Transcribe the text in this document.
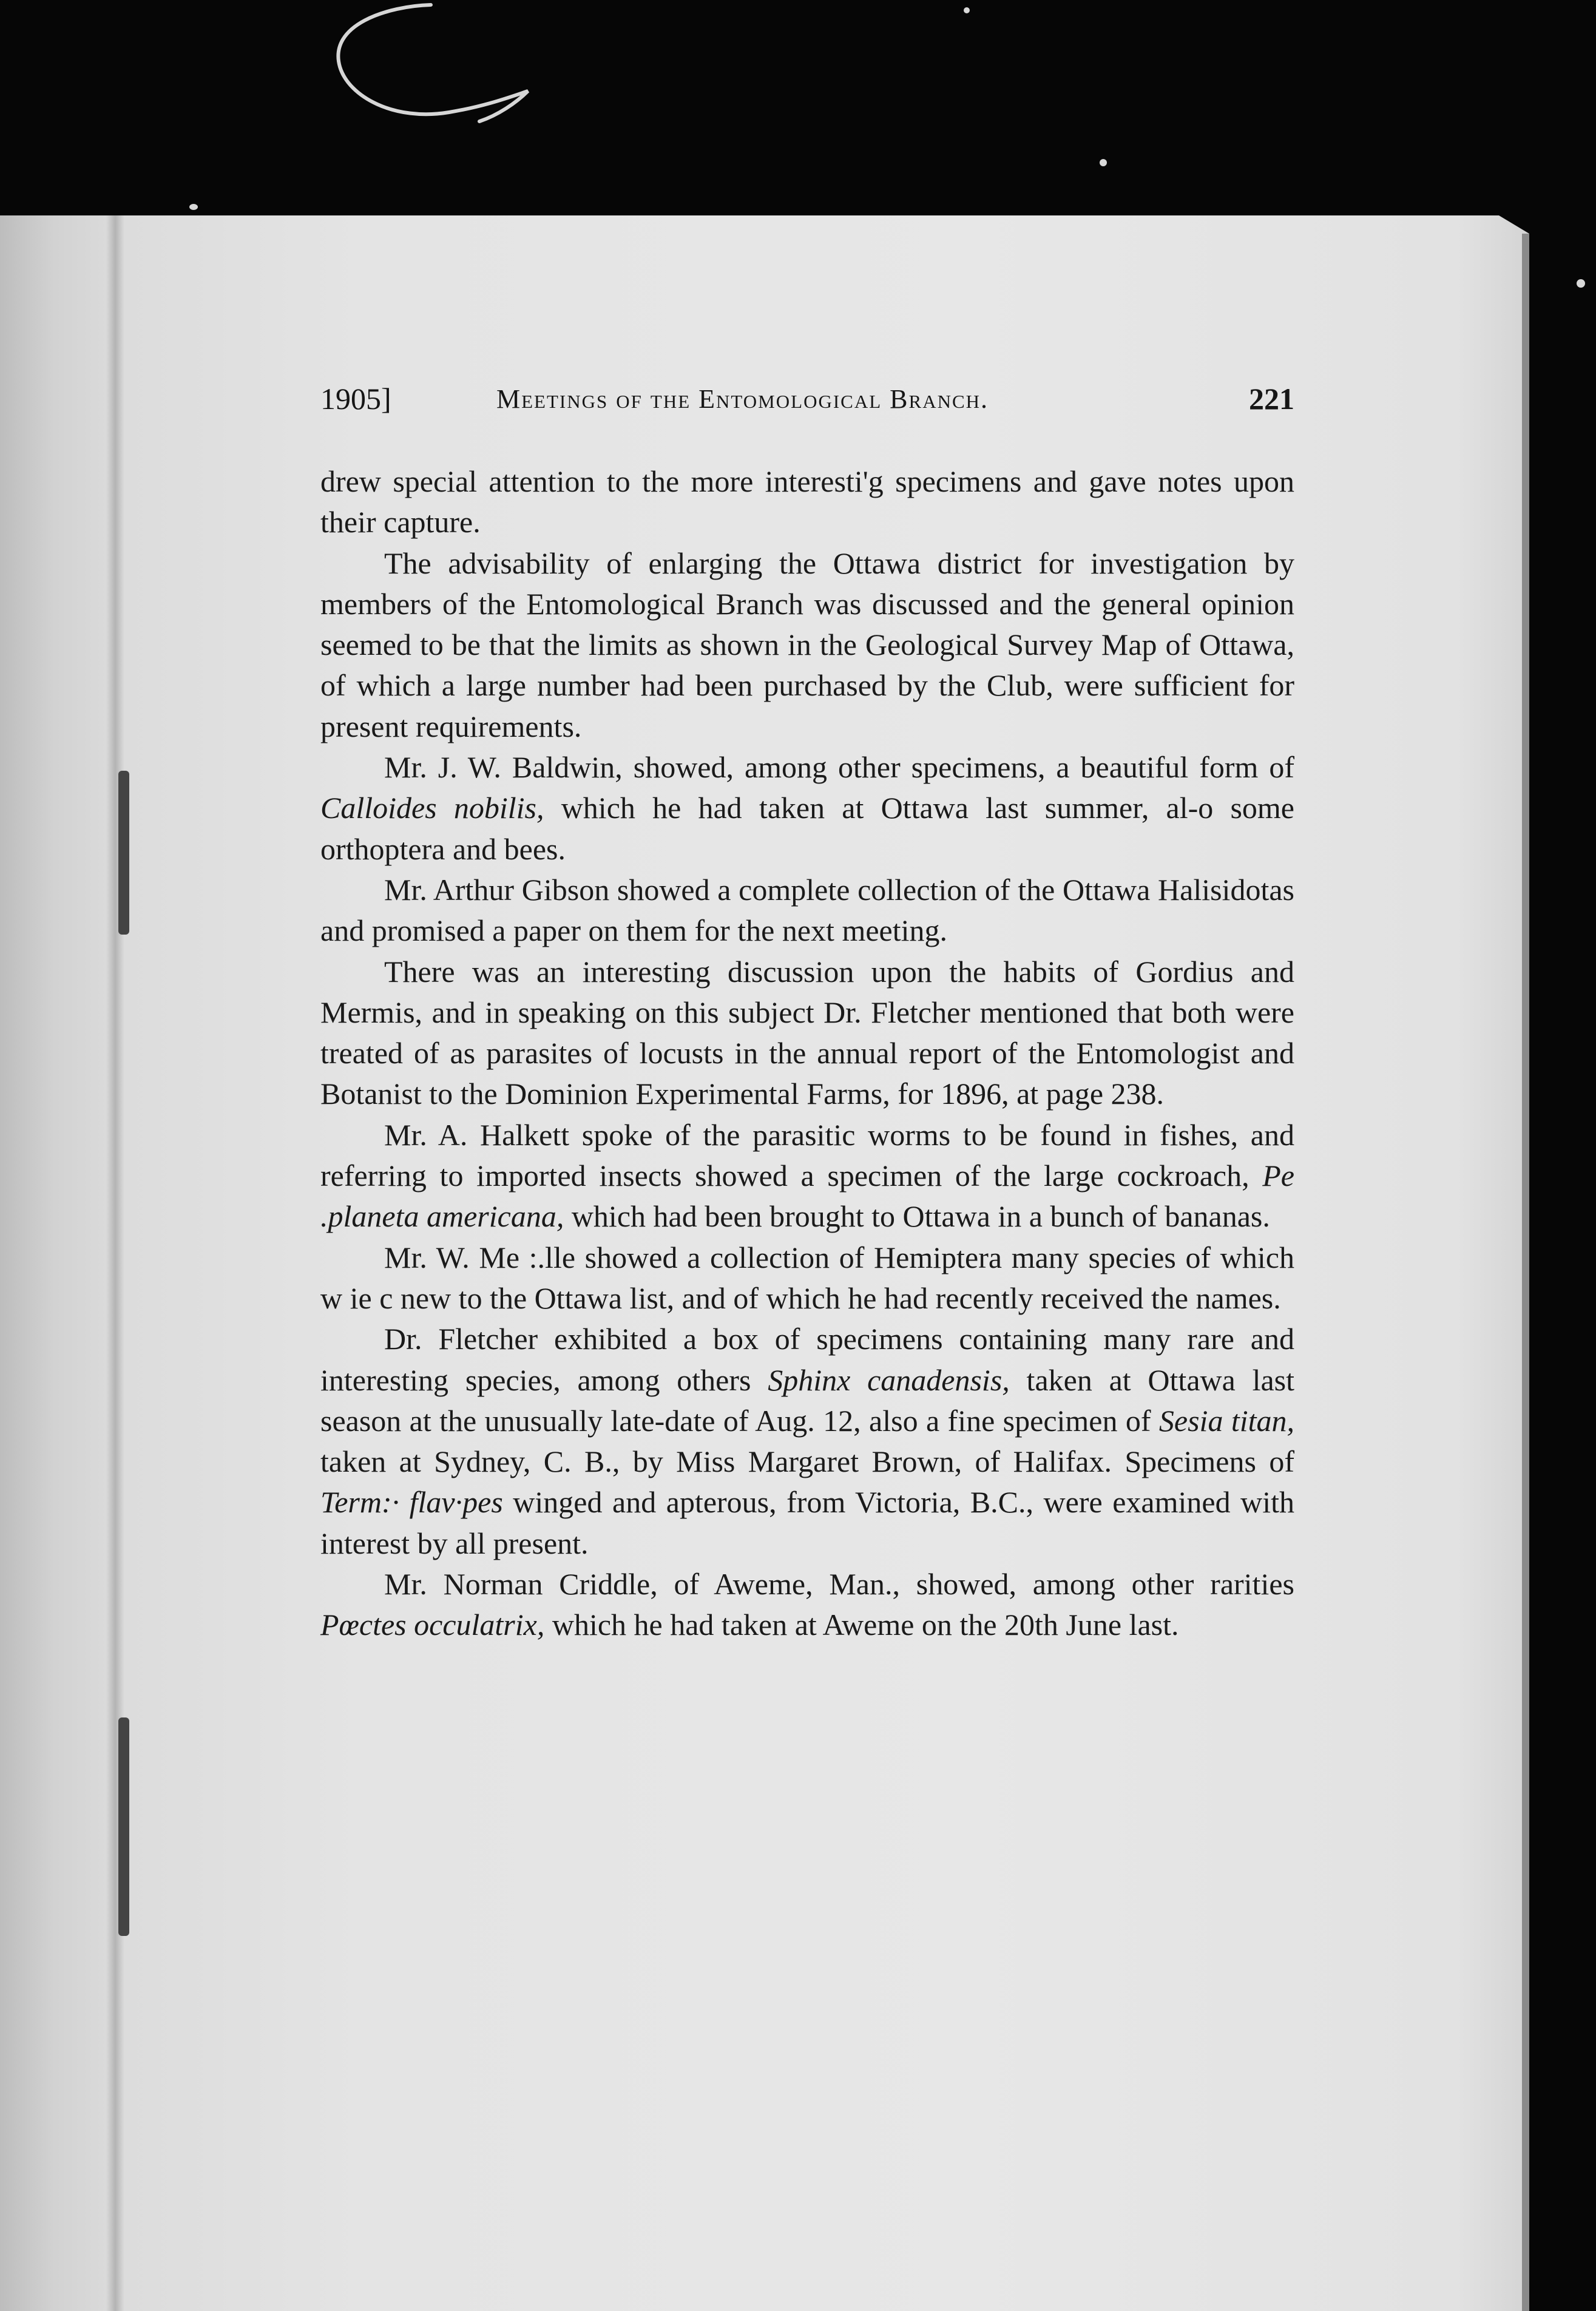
1905]	Meetings of the Entomological Branch.	221

drew special attention to the more interesti'g specimens and gave notes upon their capture.

The advisability of enlarging the Ottawa district for investigation by members of the Entomological Branch was discussed and the general opinion seemed to be that the limits as shown in the Geological Survey Map of Ottawa, of which a large number had been purchased by the Club, were sufficient for present requirements.

Mr. J. W. Baldwin, showed, among other specimens, a beautiful form of Calloides nobilis, which he had taken at Ottawa last summer, al-o some orthoptera and bees.

Mr. Arthur Gibson showed a complete collection of the Ottawa Halisidotas and promised a paper on them for the next meeting.

There was an interesting discussion upon the habits of Gordius and Mermis, and in speaking on this subject Dr. Fletcher mentioned that both were treated of as parasites of locusts in the annual report of the Entomologist and Botanist to the Dominion Experimental Farms, for 1896, at page 238.

Mr. A. Halkett spoke of the parasitic worms to be found in fishes, and referring to imported insects showed a specimen of the large cockroach, Pe .planeta americana, which had been brought to Ottawa in a bunch of bananas.

Mr. W. Me :.lle showed a collection of Hemiptera many species of which w ie c new to the Ottawa list, and of which he had recently received the names.

Dr. Fletcher exhibited a box of specimens containing many rare and interesting species, among others Sphinx canadensis, taken at Ottawa last season at the unusually late-date of Aug. 12, also a fine specimen of Sesia titan, taken at Sydney, C. B., by Miss Margaret Brown, of Halifax. Specimens of Term:· flav·pes winged and apterous, from Victoria, B.C., were examined with interest by all present.

Mr. Norman Criddle, of Aweme, Man., showed, among other rarities Pœctes occulatrix, which he had taken at Aweme on the 20th June last.
